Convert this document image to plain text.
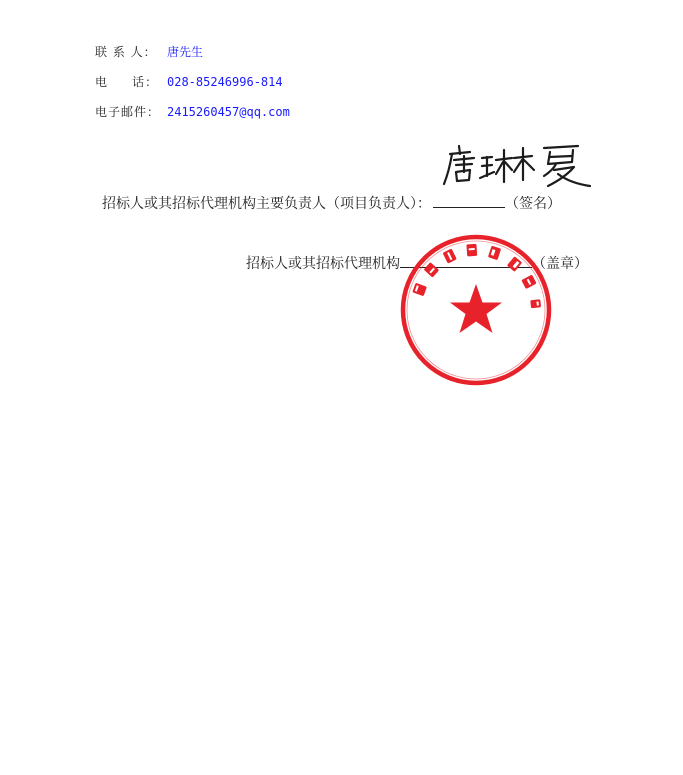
联 系 人： 唐先生
电     话： 028-85246996-814
电子邮件： 2415260457@qq.com
招标人或其招标代理机构主要负责人（项目负责人）：	（签名）
招标人或其招标代理机构	（盖章）
